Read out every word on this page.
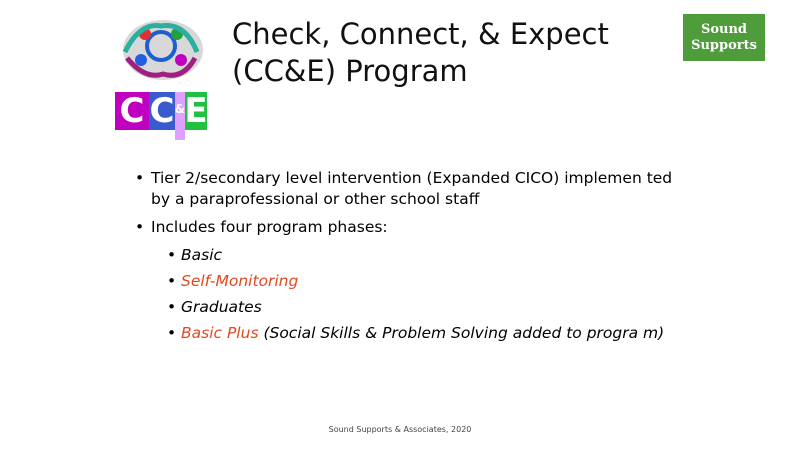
C C & E
Check, Connect, & Expect
(CC&E) Program
Sound
Supports
• Tier 2/secondary level intervention (Expanded CICO) implemen ted by a paraprofessional or other school staff
• Includes four program phases:
• Basic
• Self-Monitoring
• Graduates
• Basic Plus (Social Skills & Problem Solving added to progra m)
Sound Supports & Associates, 2020
